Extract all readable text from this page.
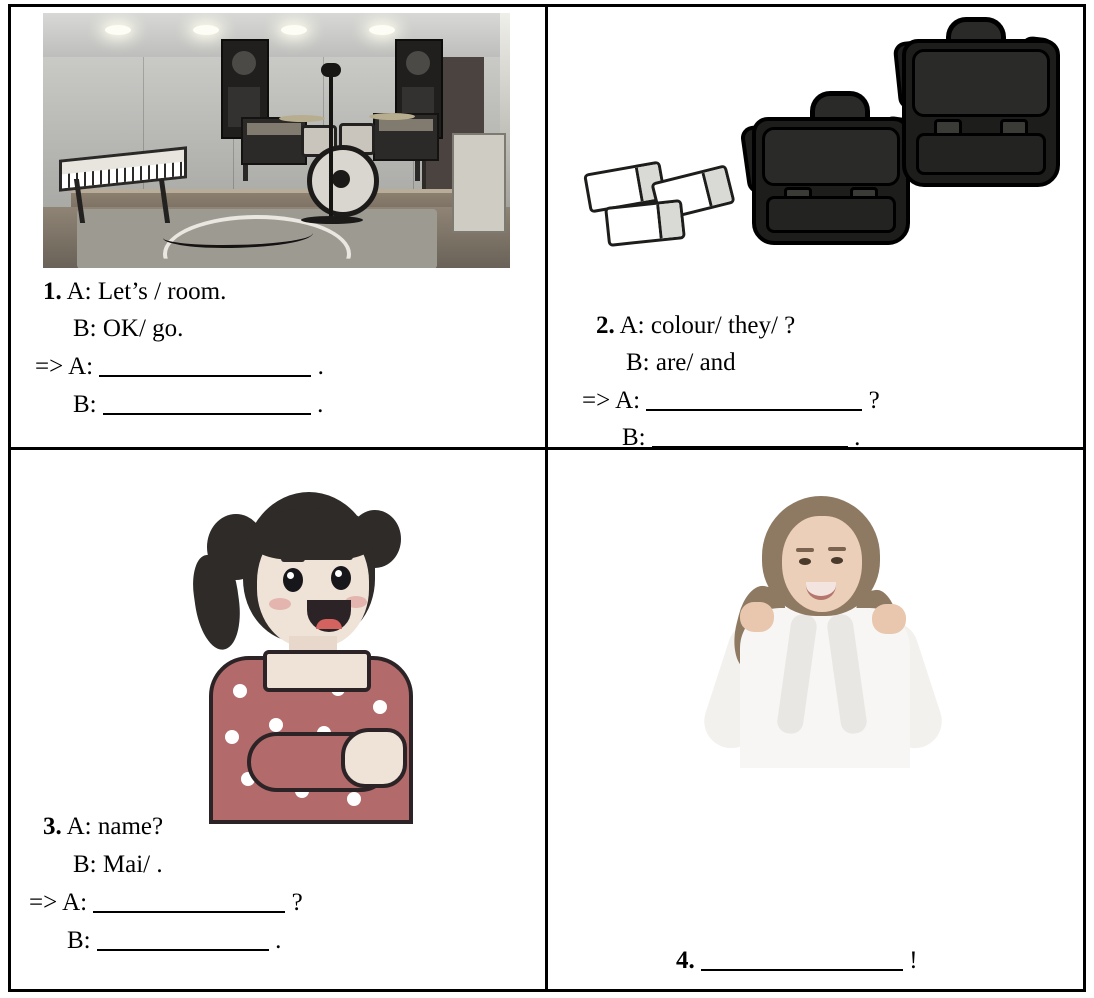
1. A: Let’s / room.
B: OK/ go.
=> A:	.
B:	.
2. A: colour/ they/ ?
B: are/ and
=> A:	?
B:	.
3. A: name?
B: Mai/ .
=> A:	?
B:	.
4.	!
